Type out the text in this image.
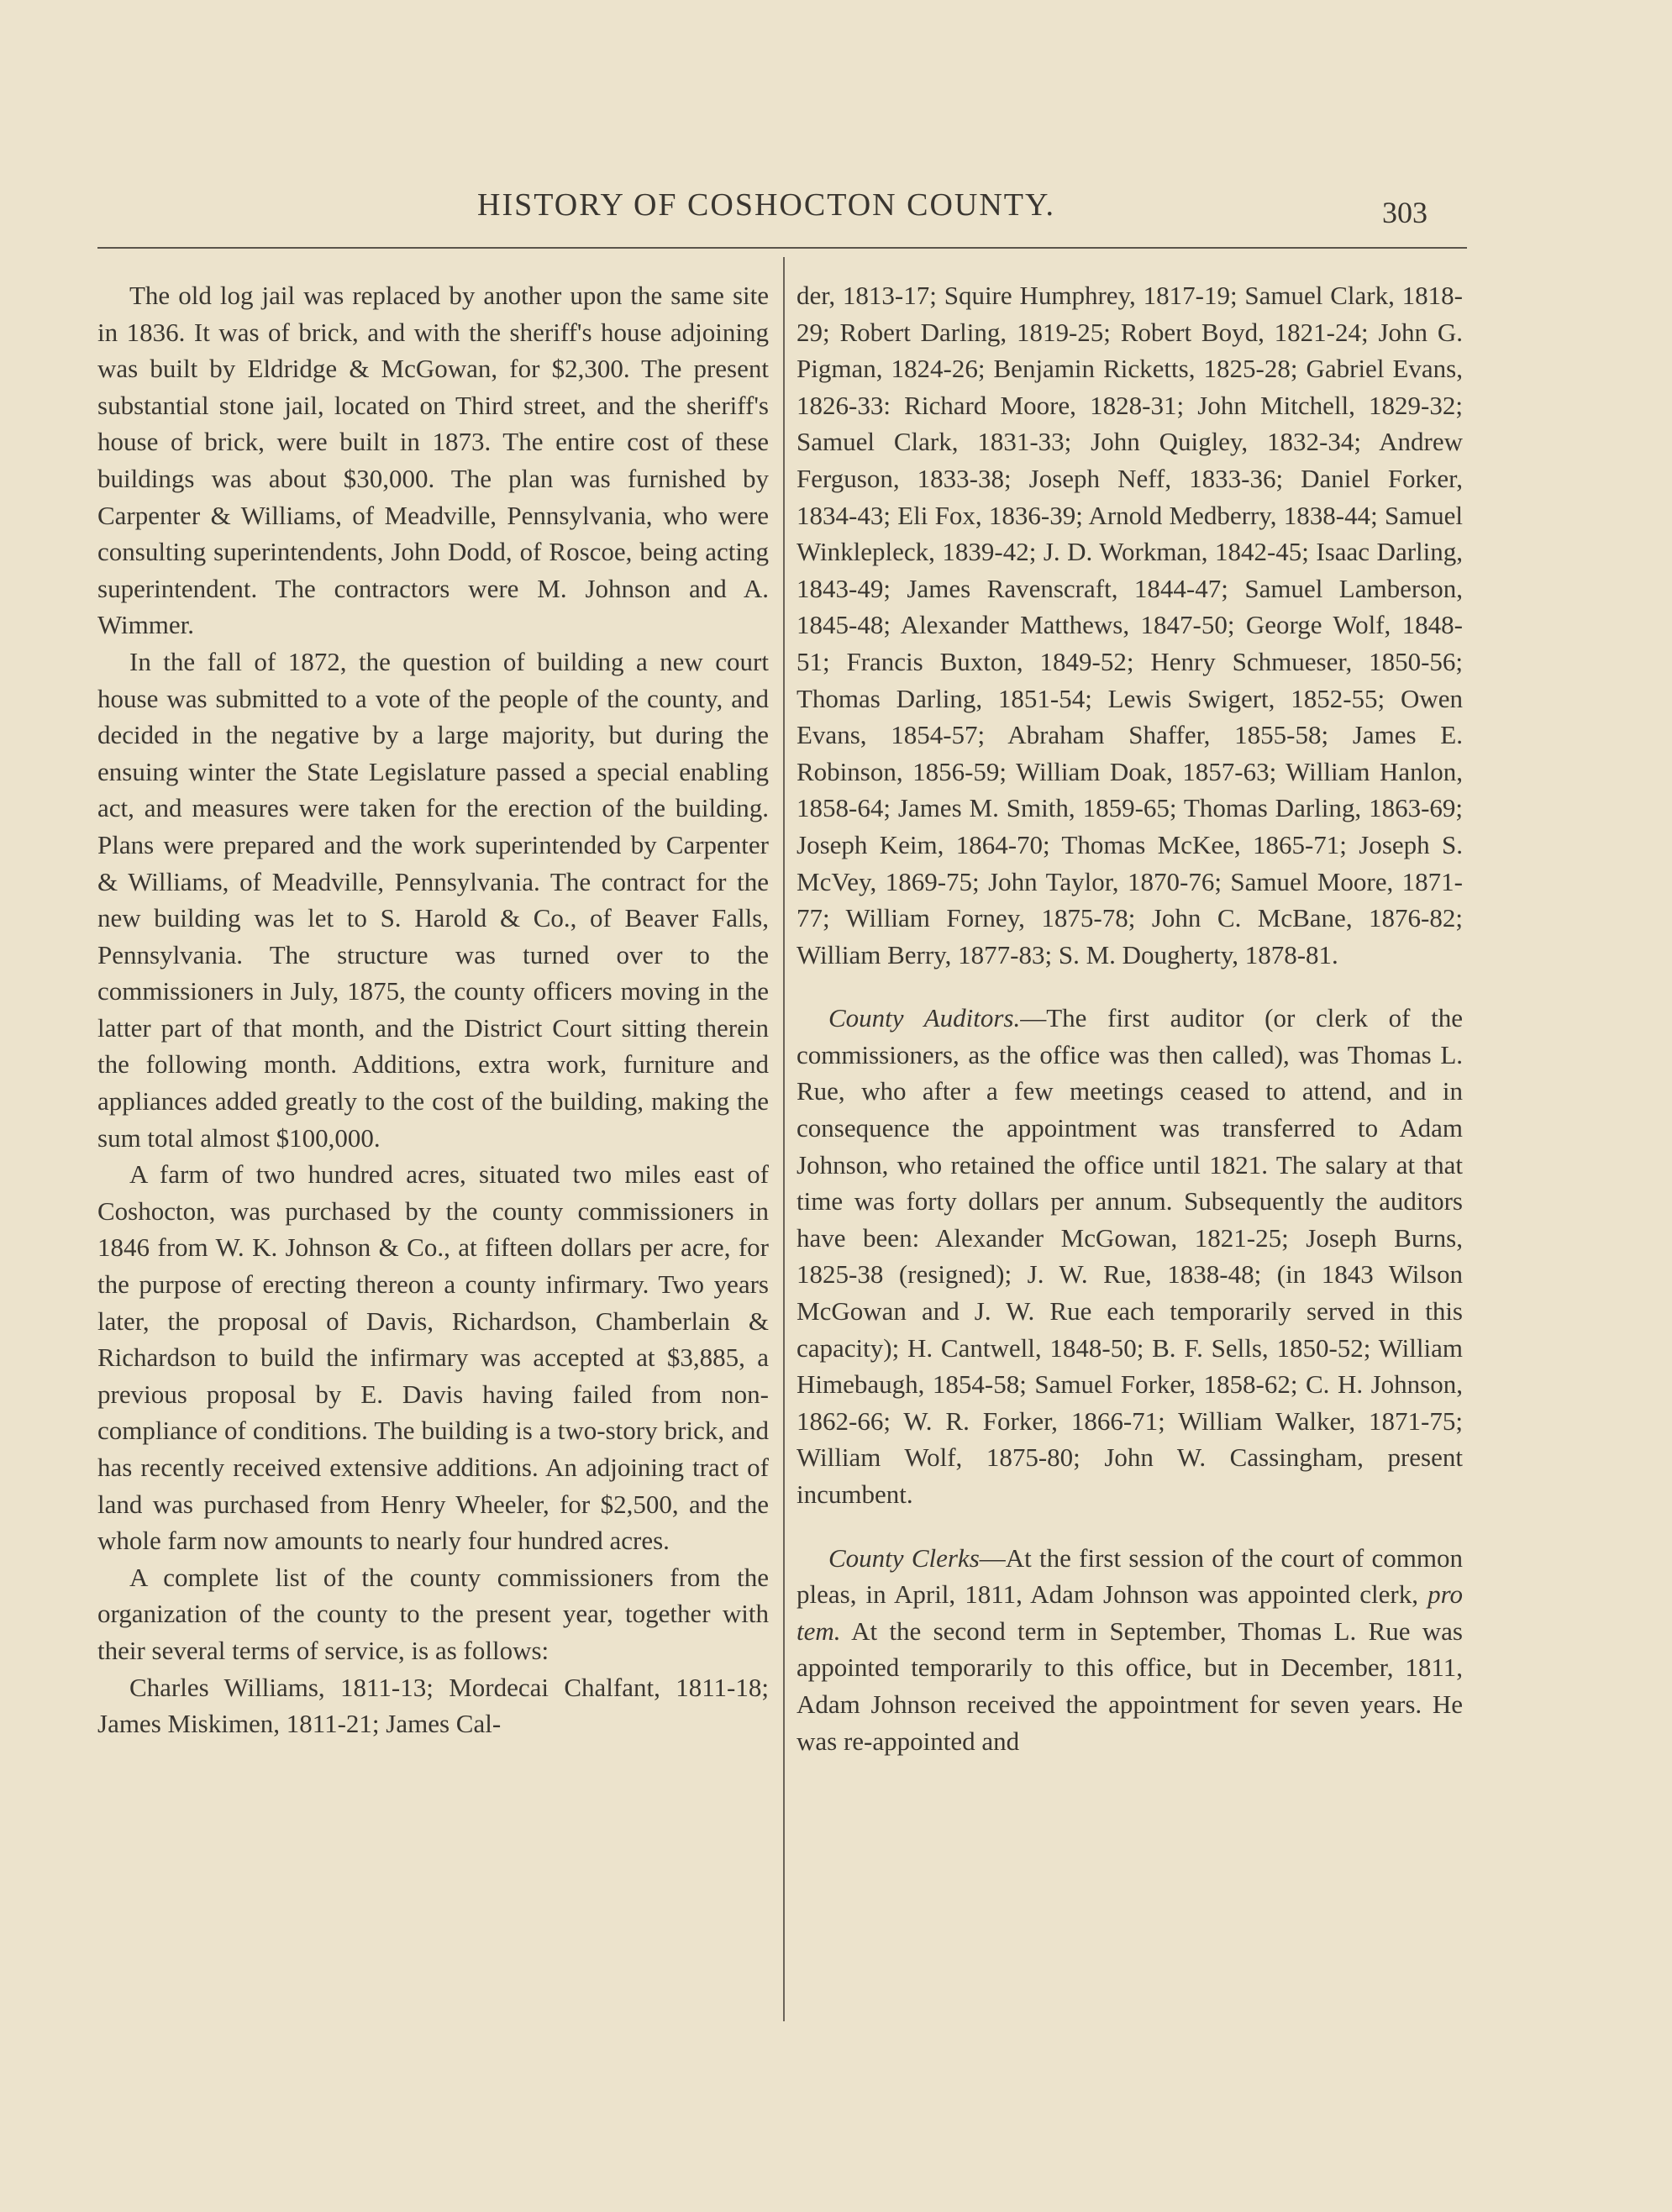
HISTORY OF COSHOCTON COUNTY.	303

The old log jail was replaced by another upon the same site in 1836. It was of brick, and with the sheriff's house adjoining was built by Eldridge & McGowan, for $2,300. The present substantial stone jail, located on Third street, and the sheriff's house of brick, were built in 1873. The entire cost of these buildings was about $30,000. The plan was furnished by Carpenter & Williams, of Meadville, Pennsylvania, who were consulting superintendents, John Dodd, of Roscoe, being acting superintendent. The contractors were M. Johnson and A. Wimmer.

In the fall of 1872, the question of building a new court house was submitted to a vote of the people of the county, and decided in the negative by a large majority, but during the ensuing winter the State Legislature passed a special enabling act, and measures were taken for the erection of the building. Plans were prepared and the work superintended by Carpenter & Williams, of Meadville, Pennsylvania. The contract for the new building was let to S. Harold & Co., of Beaver Falls, Pennsylvania. The structure was turned over to the commissioners in July, 1875, the county officers moving in the latter part of that month, and the District Court sitting therein the following month. Additions, extra work, furniture and appliances added greatly to the cost of the building, making the sum total almost $100,000.

A farm of two hundred acres, situated two miles east of Coshocton, was purchased by the county commissioners in 1846 from W. K. Johnson & Co., at fifteen dollars per acre, for the purpose of erecting thereon a county infirmary. Two years later, the proposal of Davis, Richardson, Chamberlain & Richardson to build the infirmary was accepted at $3,885, a previous proposal by E. Davis having failed from non-compliance of conditions. The building is a two-story brick, and has recently received extensive additions. An adjoining tract of land was purchased from Henry Wheeler, for $2,500, and the whole farm now amounts to nearly four hundred acres.

A complete list of the county commissioners from the organization of the county to the present year, together with their several terms of service, is as follows:

Charles Williams, 1811-13; Mordecai Chalfant, 1811-18; James Miskimen, 1811-21; James Cal-

der, 1813-17; Squire Humphrey, 1817-19; Samuel Clark, 1818-29; Robert Darling, 1819-25; Robert Boyd, 1821-24; John G. Pigman, 1824-26; Benjamin Ricketts, 1825-28; Gabriel Evans, 1826-33: Richard Moore, 1828-31; John Mitchell, 1829-32; Samuel Clark, 1831-33; John Quigley, 1832-34; Andrew Ferguson, 1833-38; Joseph Neff, 1833-36; Daniel Forker, 1834-43; Eli Fox, 1836-39; Arnold Medberry, 1838-44; Samuel Winklepleck, 1839-42; J. D. Workman, 1842-45; Isaac Darling, 1843-49; James Ravenscraft, 1844-47; Samuel Lamberson, 1845-48; Alexander Matthews, 1847-50; George Wolf, 1848-51; Francis Buxton, 1849-52; Henry Schmueser, 1850-56; Thomas Darling, 1851-54; Lewis Swigert, 1852-55; Owen Evans, 1854-57; Abraham Shaffer, 1855-58; James E. Robinson, 1856-59; William Doak, 1857-63; William Hanlon, 1858-64; James M. Smith, 1859-65; Thomas Darling, 1863-69; Joseph Keim, 1864-70; Thomas McKee, 1865-71; Joseph S. McVey, 1869-75; John Taylor, 1870-76; Samuel Moore, 1871-77; William Forney, 1875-78; John C. McBane, 1876-82; William Berry, 1877-83; S. M. Dougherty, 1878-81.

County Auditors.—The first auditor (or clerk of the commissioners, as the office was then called), was Thomas L. Rue, who after a few meetings ceased to attend, and in consequence the appointment was transferred to Adam Johnson, who retained the office until 1821. The salary at that time was forty dollars per annum. Subsequently the auditors have been: Alexander McGowan, 1821-25; Joseph Burns, 1825-38 (resigned); J. W. Rue, 1838-48; (in 1843 Wilson McGowan and J. W. Rue each temporarily served in this capacity); H. Cantwell, 1848-50; B. F. Sells, 1850-52; William Himebaugh, 1854-58; Samuel Forker, 1858-62; C. H. Johnson, 1862-66; W. R. Forker, 1866-71; William Walker, 1871-75; William Wolf, 1875-80; John W. Cassingham, present incumbent.

County Clerks—At the first session of the court of common pleas, in April, 1811, Adam Johnson was appointed clerk, pro tem. At the second term in September, Thomas L. Rue was appointed temporarily to this office, but in December, 1811, Adam Johnson received the appointment for seven years. He was re-appointed and
